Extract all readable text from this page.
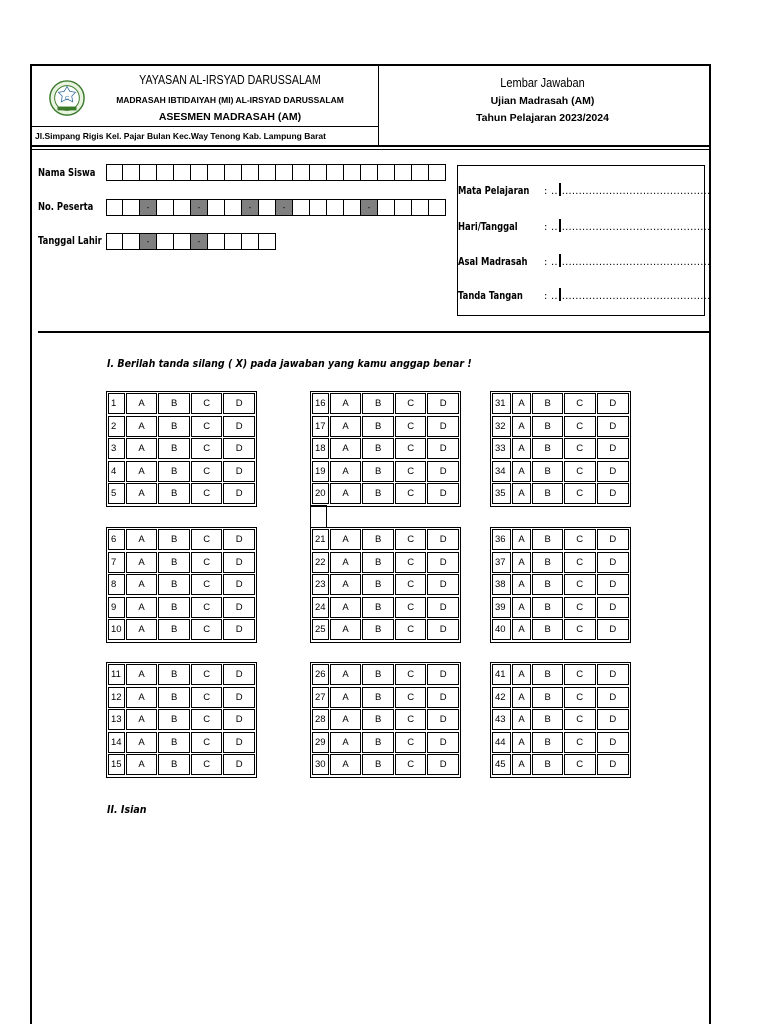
C
YAYASAN AL-IRSYAD DARUSSALAM
MADRASAH IBTIDAIYAH (MI) AL-IRSYAD DARUSSALAM
ASESMEN MADRASAH (AM)
Jl.Simpang Rigis Kel. Pajar Bulan Kec.Way Tenong Kab. Lampung Barat
Lembar Jawaban
Ujian Madrasah (AM)
Tahun Pelajaran 2023/2024
Nama Siswa
No. Peserta	-	-	-	-	-
Tanggal Lahir	-	-
Mata Pelajaran : .. ............................................
Hari/Tanggal	: .. ............................................
Asal Madrasah : .. ............................................
Tanda Tangan : .. ............................................
I. Berilah tanda silang ( X) pada jawaban yang kamu anggap benar !
1	A	B	C	D
2	A	B	C	D
3	A	B	C	D
4	A	B	C	D
5	A	B	C	D
6	A	B	C	D
7	A	B	C	D
8	A	B	C	D
9	A	B	C	D
10	A	B	C	D
11	A	B	C	D
12	A	B	C	D
13	A	B	C	D
14	A	B	C	D
15	A	B	C	D
16	A	B	C	D
17	A	B	C	D
18	A	B	C	D
19	A	B	C	D
20	A	B	C	D
21	A	B	C	D
22	A	B	C	D
23	A	B	C	D
24	A	B	C	D
25	A	B	C	D
26	A	B	C	D
27	A	B	C	D
28	A	B	C	D
29	A	B	C	D
30	A	B	C	D
31	A	B	C	D
32	A	B	C	D
33	A	B	C	D
34	A	B	C	D
35	A	B	C	D
36	A	B	C	D
37	A	B	C	D
38	A	B	C	D
39	A	B	C	D
40	A	B	C	D
41	A	B	C	D
42	A	B	C	D
43	A	B	C	D
44	A	B	C	D
45	A	B	C	D
II. Isian
